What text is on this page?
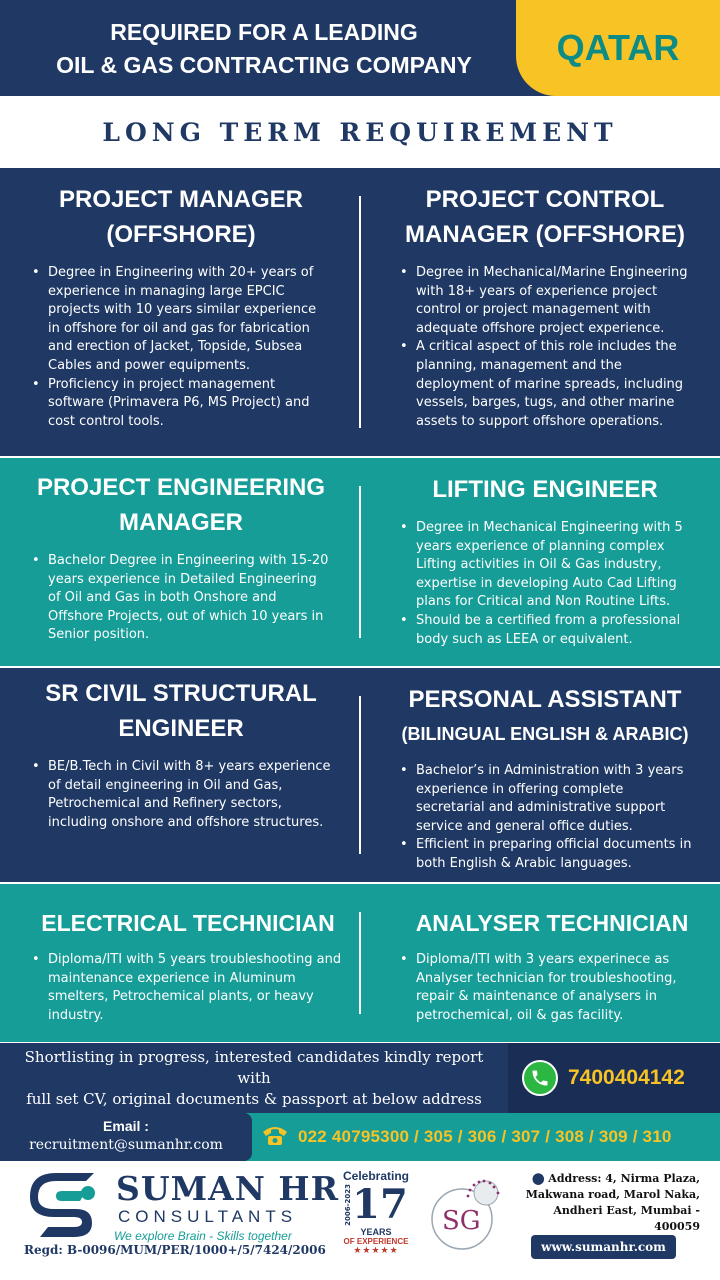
REQUIRED FOR A LEADING
OIL & GAS CONTRACTING COMPANY	QATAR
LONG TERM REQUIREMENT
PROJECT MANAGER
(OFFSHORE)
• Degree in Engineering with 20+ years of experience in managing large EPCIC projects with 10 years similar experience in offshore for oil and gas for fabrication and erection of Jacket, Topside, Subsea Cables and power equipments.
• Proficiency in project management software (Primavera P6, MS Project) and cost control tools.
PROJECT CONTROL
MANAGER (OFFSHORE)
• Degree in Mechanical/Marine Engineering with 18+ years of experience project control or project management with adequate offshore project experience.
• A critical aspect of this role includes the planning, management and the deployment of marine spreads, including vessels, barges, tugs, and other marine assets to support offshore operations.
PROJECT ENGINEERING
MANAGER
• Bachelor Degree in Engineering with 15-20 years experience in Detailed Engineering of Oil and Gas in both Onshore and Offshore Projects, out of which 10 years in Senior position.
LIFTING ENGINEER
• Degree in Mechanical Engineering with 5 years experience of planning complex Lifting activities in Oil & Gas industry, expertise in developing Auto Cad Lifting plans for Critical and Non Routine Lifts.
• Should be a certified from a professional body such as LEEA or equivalent.
SR CIVIL STRUCTURAL
ENGINEER
• BE/B.Tech in Civil with 8+ years experience of detail engineering in Oil and Gas, Petrochemical and Refinery sectors, including onshore and offshore structures.
PERSONAL ASSISTANT
(BILINGUAL ENGLISH & ARABIC)
• Bachelor’s in Administration with 3 years experience in offering complete secretarial and administrative support service and general office duties.
• Efficient in preparing official documents in both English & Arabic languages.
ELECTRICAL TECHNICIAN
• Diploma/ITI with 5 years troubleshooting and maintenance experience in Aluminum smelters, Petrochemical plants, or heavy industry.
ANALYSER TECHNICIAN
• Diploma/ITI with 3 years experinece as Analyser technician for troubleshooting, repair & maintenance of analysers in petrochemical, oil & gas facility.
Shortlisting in progress, interested candidates kindly report with
full set CV, original documents & passport at below address
7400404142
Email :
recruitment@sumanhr.com	022 40795300 / 305 / 306 / 307 / 308 / 309 / 310
SUMAN HR
CONSULTANTS
We explore Brain - Skills together
Regd: B-0096/MUM/PER/1000+/5/7424/2006
Celebrating
2006-2023 17
YEARS
OF EXPERIENCE
★★★★★
SG
⬤ Address: 4, Nirma Plaza, Makwana road, Marol Naka, Andheri East, Mumbai - 400059
www.sumanhr.com
